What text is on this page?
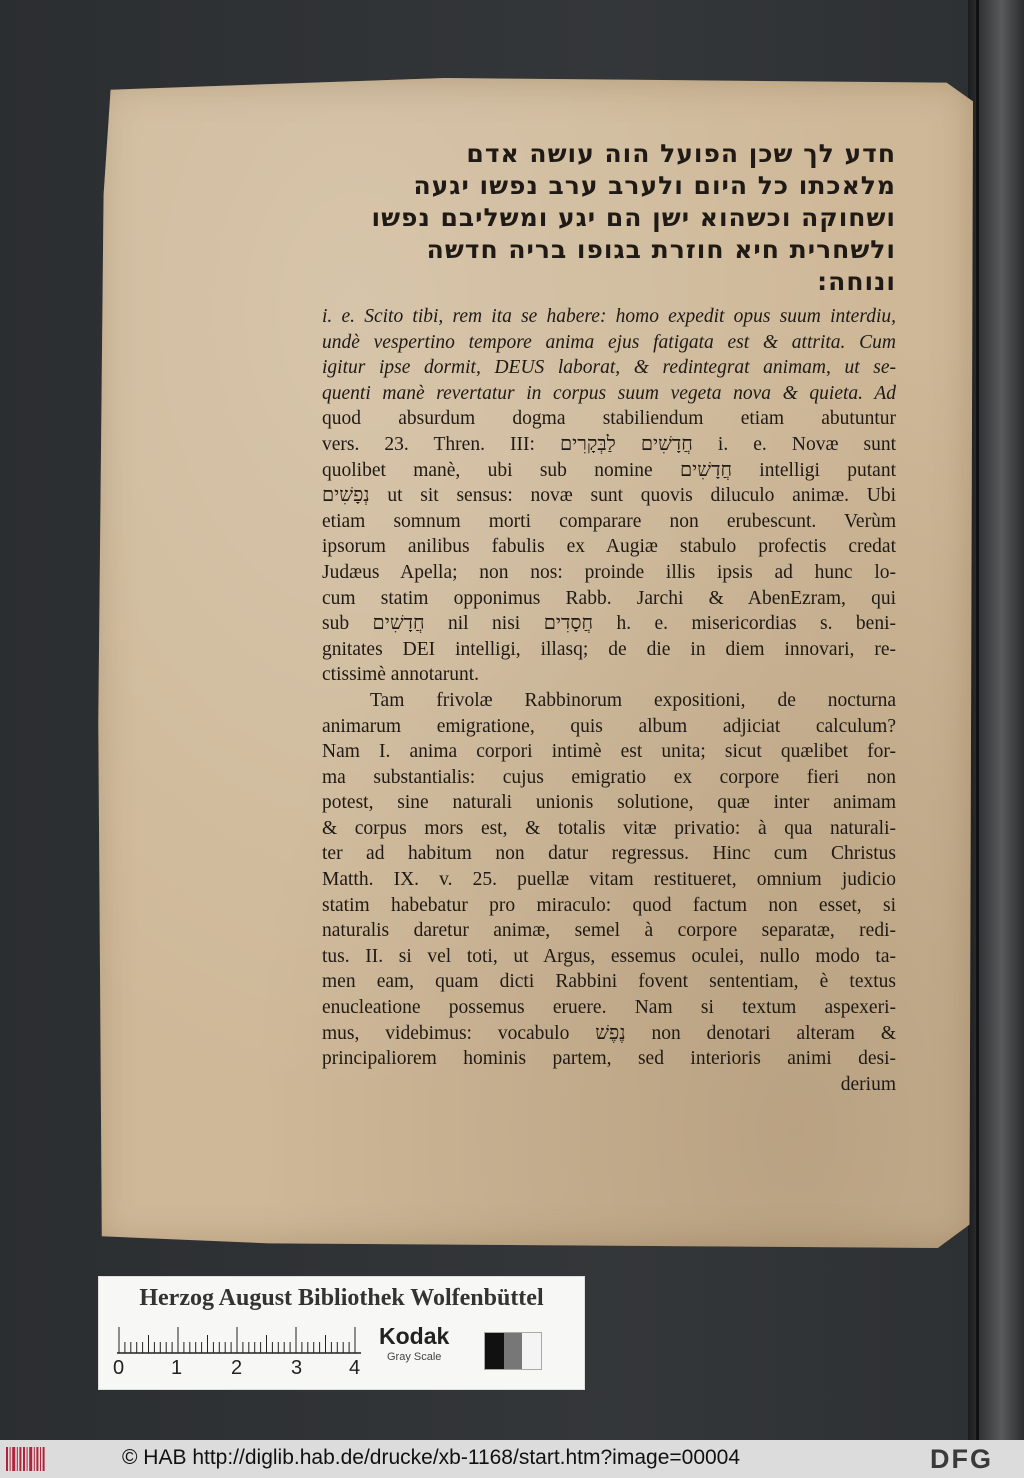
חדע לך שכן הפועל הוה עושה אדם

מלאכתו כל היום ולערב ערב נפשו יגעה

ושחוקה וכשהוא ישן הם יגע ומשליבם נפשו

ולשחרית חיא חוזרת בגופו בריה חדשה

ונוחה:

i. e. Scito tibi, rem ita se habere: homo expedit opus suum interdiu,

undè vespertino tempore anima ejus fatigata est & attrita. Cum

igitur ipse dormit, DEUS laborat, & redintegrat animam, ut se-

quenti manè revertatur in corpus suum vegeta nova & quieta. Ad

quod absurdum dogma stabiliendum etiam abutuntur

vers. 23. Thren. III: חֲדָשִׁים לַבְּקָרִים i. e. Novæ sunt

quolibet manè, ubi sub nomine חֲדָשִׁים intelligi putant

נְפָשִׁים ut sit sensus: novæ sunt quovis diluculo animæ. Ubi

etiam somnum morti comparare non erubescunt. Verùm

ipsorum anilibus fabulis ex Augiæ stabulo profectis credat

Judæus Apella; non nos: proinde illis ipsis ad hunc lo-

cum statim opponimus Rabb. Jarchi & AbenEzram, qui

sub חֲדָשִׁים nil nisi חֲסָדִים h. e. misericordias s. beni-

gnitates DEI intelligi, illasq; de die in diem innovari, re-

ctissimè annotarunt.

Tam frivolæ Rabbinorum expositioni, de nocturna

animarum emigratione, quis album adjiciat calculum?

Nam I. anima corpori intimè est unita; sicut quælibet for-

ma substantialis: cujus emigratio ex corpore fieri non

potest, sine naturali unionis solutione, quæ inter animam

& corpus mors est, & totalis vitæ privatio: à qua naturali-

ter ad habitum non datur regressus. Hinc cum Christus

Matth. IX. v. 25. puellæ vitam restitueret, omnium judicio

statim habebatur pro miraculo: quod factum non esset, si

naturalis daretur animæ, semel à corpore separatæ, redi-

tus. II. si vel toti, ut Argus, essemus oculei, nullo modo ta-

men eam, quam dicti Rabbini fovent sententiam, è textus

enucleatione possemus eruere. Nam si textum aspexeri-

mus, videbimus: vocabulo נֶפֶשׁ non denotari alteram &

principaliorem hominis partem, sed interioris animi desi-

derium

Herzog August Bibliothek Wolfenbüttel
0 1 2 3 4
Kodak
Gray Scale
© HAB http://diglib.hab.de/drucke/xb-1168/start.htm?image=00004	DFG
